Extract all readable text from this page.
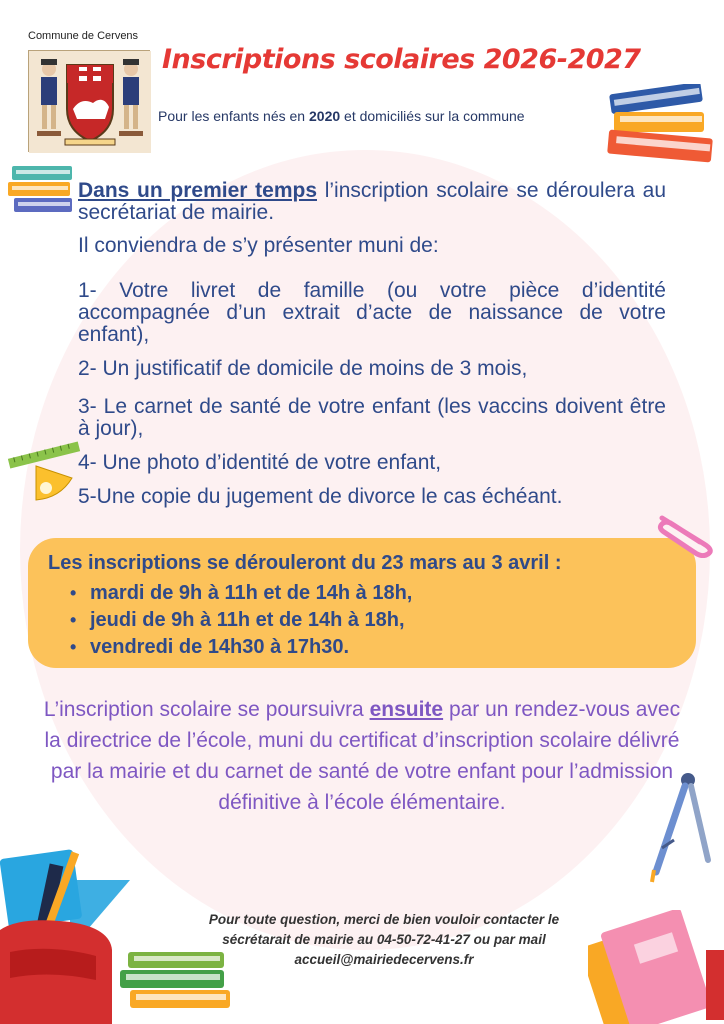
Commune de Cervens
Inscriptions scolaires 2026-2027
Pour les enfants nés en 2020 et domiciliés sur la commune
Dans un premier temps l’inscription scolaire se déroulera au secrétariat de mairie.
Il conviendra de s’y présenter muni de:
1- Votre livret de famille (ou votre pièce d’identité accompagnée d’un extrait d’acte de naissance de votre enfant),
2- Un justificatif de domicile de moins de 3 mois,
3- Le carnet de santé de votre enfant (les vaccins doivent être à jour),
4- Une photo d’identité de votre enfant,
5-Une copie du jugement de divorce le cas échéant.
Les inscriptions se dérouleront du 23 mars au 3 avril :
• mardi de 9h à 11h et de 14h à 18h,
• jeudi de 9h à 11h et de 14h à 18h,
• vendredi de 14h30 à 17h30.
L’inscription scolaire se poursuivra ensuite par un rendez-vous avec la directrice de l’école, muni du certificat d’inscription scolaire délivré par la mairie et du carnet de santé de votre enfant pour l’admission définitive à l’école élémentaire.
Pour toute question, merci de bien vouloir contacter le
sécrétarait de mairie au 04-50-72-41-27 ou par mail
accueil@mairiedecervens.fr
